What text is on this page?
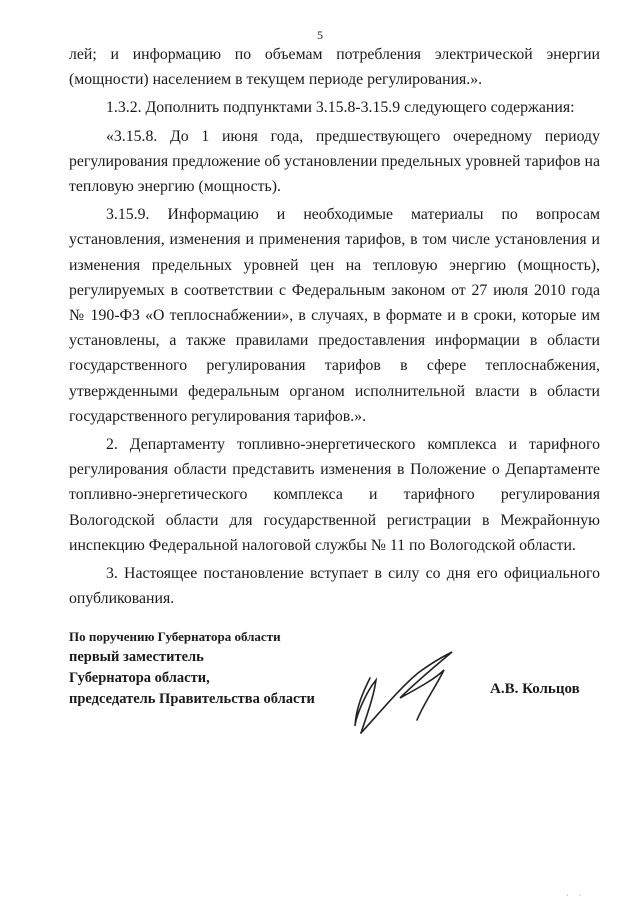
5

лей; и информацию по объемам потребления электрической энергии (мощности) населением в текущем периоде регулирования.».

1.3.2. Дополнить подпунктами 3.15.8-3.15.9 следующего содержания:

«3.15.8. До 1 июня года, предшествующего очередному периоду регулирования предложение об установлении предельных уровней тарифов на тепловую энергию (мощность).

3.15.9. Информацию и необходимые материалы по вопросам установления, изменения и применения тарифов, в том числе установления и изменения предельных уровней цен на тепловую энергию (мощность), регулируемых в соответствии с Федеральным законом от 27 июля 2010 года № 190-ФЗ «О теплоснабжении», в случаях, в формате и в сроки, которые им установлены, а также правилами предоставления информации в области государственного регулирования тарифов в сфере теплоснабжения, утвержденными федеральным органом исполнительной власти в области государственного регулирования тарифов.».

2. Департаменту топливно-энергетического комплекса и тарифного регулирования области представить изменения в Положение о Департаменте топливно-энергетического комплекса и тарифного регулирования Вологодской области для государственной регистрации в Межрайонную инспекцию Федеральной налоговой службы № 11 по Вологодской области.

3. Настоящее постановление вступает в силу со дня его официального опубликования.

По поручению Губернатора области
первый заместитель
Губернатора области,
председатель Правительства области
А.В. Кольцов
· ·
